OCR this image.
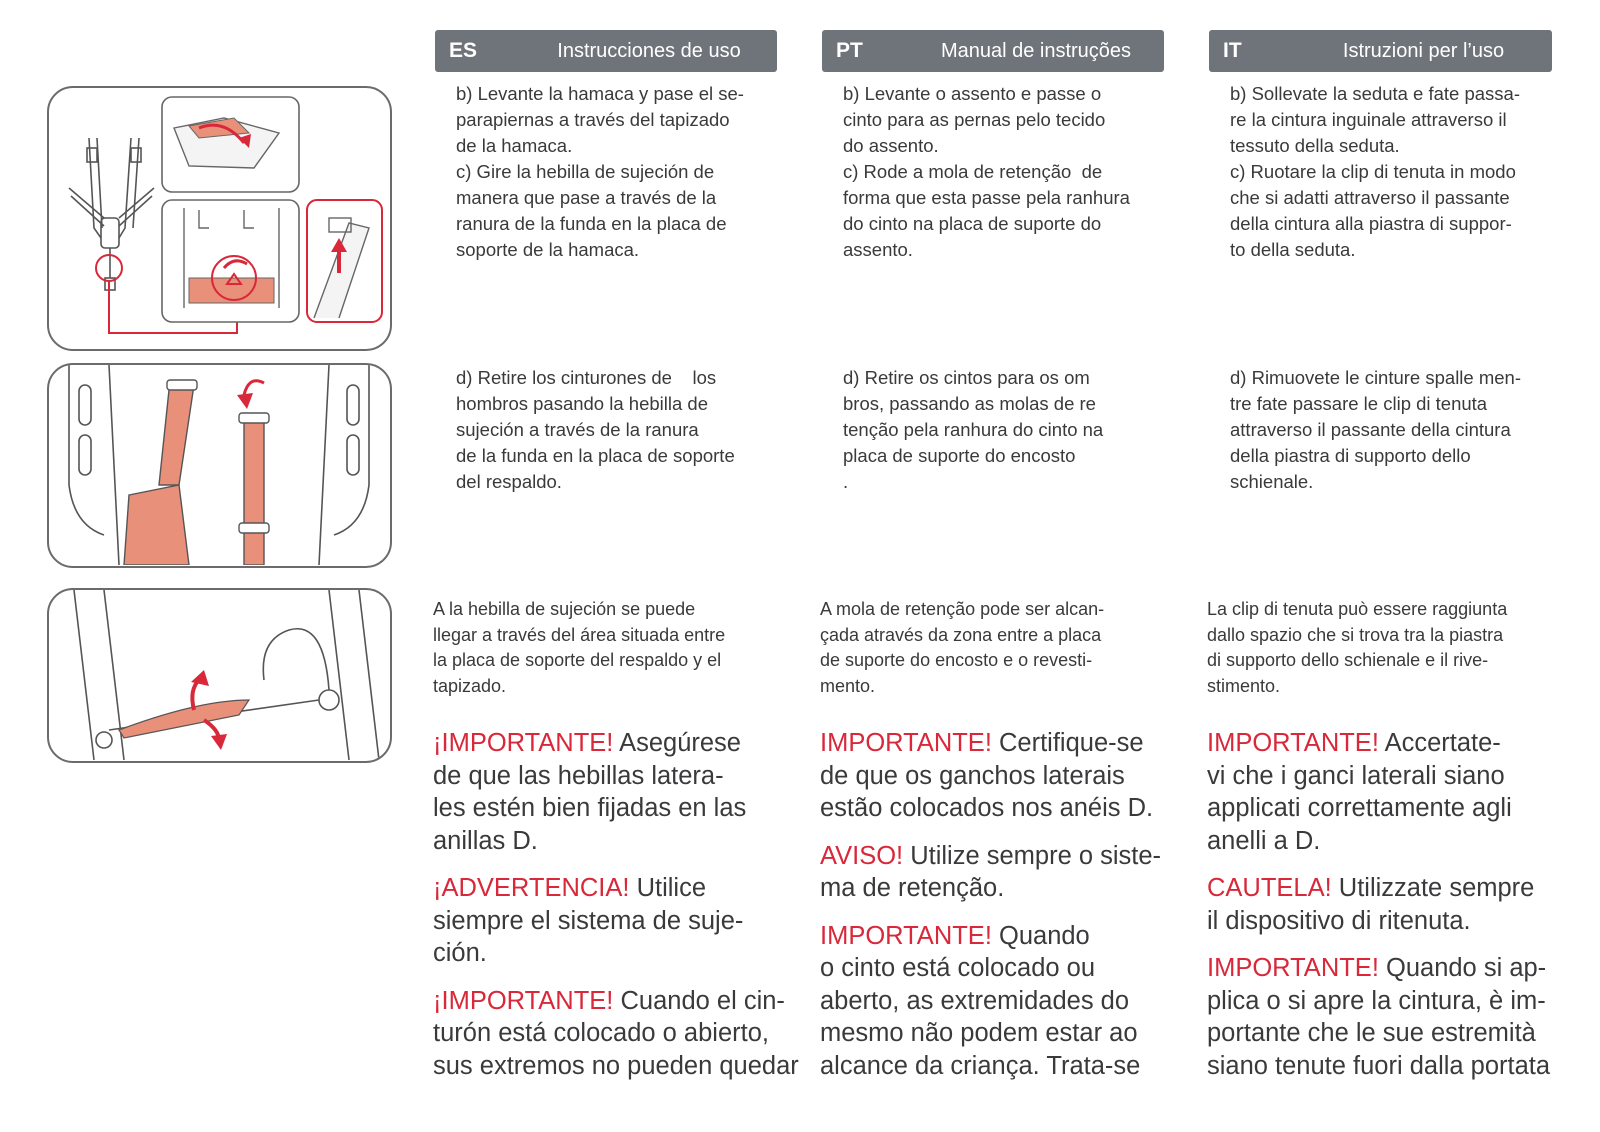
ES	Instrucciones de uso	PT	Manual de instruções	IT	Istruzioni per l’uso

b) Levante la hamaca y pase el se-
parapiernas a través del tapizado
de la hamaca.
c) Gire la hebilla de sujeción de
manera que pase a través de la
ranura de la funda en la placa de
soporte de la hamaca.

b) Levante o assento e passe o
cinto para as pernas pelo tecido
do assento.
c) Rode a mola de retenção  de
forma que esta passe pela ranhura
do cinto na placa de suporte do
assento.

b) Sollevate la seduta e fate passa-
re la cintura inguinale attraverso il
tessuto della seduta.
c) Ruotare la clip di tenuta in modo
che si adatti attraverso il passante
della cintura alla piastra di suppor-
to della seduta.

d) Retire los cinturones de    los
hombros pasando la hebilla de
sujeción a través de la ranura
de la funda en la placa de soporte
del respaldo.

d) Retire os cintos para os om
bros, passando as molas de re
tenção pela ranhura do cinto na
placa de suporte do encosto
.

d) Rimuovete le cinture spalle men-
tre fate passare le clip di tenuta
attraverso il passante della cintura
della piastra di supporto dello
schienale.

A la hebilla de sujeción se puede
llegar a través del área situada entre
la placa de soporte del respaldo y el
tapizado.

A mola de retenção pode ser alcan-
çada através da zona entre a placa
de suporte do encosto e o revesti-
mento.

La clip di tenuta può essere raggiunta
dallo spazio che si trova tra la piastra
di supporto dello schienale e il rive-
stimento.

¡IMPORTANTE! Asegúrese
de que las hebillas latera-
les estén bien fijadas en las
anillas D.

¡ADVERTENCIA! Utilice
siempre el sistema de suje-
ción.

¡IMPORTANTE! Cuando el cin-
turón está colocado o abierto,
sus extremos no pueden quedar

IMPORTANTE! Certifique-se
de que os ganchos laterais
estão colocados nos anéis D.

AVISO! Utilize sempre o siste-
ma de retenção.

IMPORTANTE! Quando
o cinto está colocado ou
aberto, as extremidades do
mesmo não podem estar ao
alcance da criança. Trata-se

IMPORTANTE! Accertate-
vi che i ganci laterali siano
applicati correttamente agli
anelli a D.

CAUTELA! Utilizzate sempre
il dispositivo di ritenuta.

IMPORTANTE! Quando si ap-
plica o si apre la cintura, è im-
portante che le sue estremità
siano tenute fuori dalla portata
